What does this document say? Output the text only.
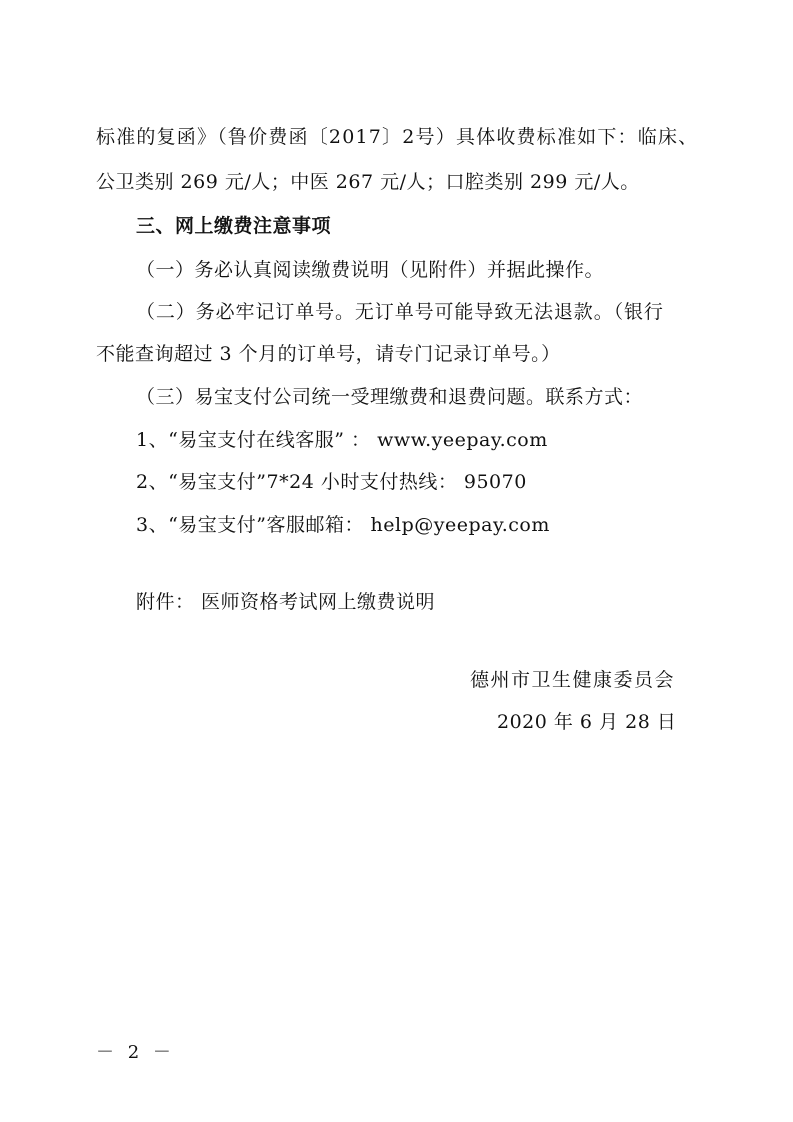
标准的复函》（鲁价费函〔2017〕2号）具体收费标准如下：临床、
公卫类别 269 元/人；中医 267 元/人；口腔类别 299 元/人。
三、网上缴费注意事项
（一）务必认真阅读缴费说明（见附件）并据此操作。
（二）务必牢记订单号。无订单号可能导致无法退款。（银行
不能查询超过 3 个月的订单号，请专门记录订单号。）
（三）易宝支付公司统一受理缴费和退费问题。联系方式：
1、“易宝支付在线客服” ： www.yeepay.com
2、“易宝支付”7*24 小时支付热线： 95070
3、“易宝支付”客服邮箱： help@yeepay.com
附件： 医师资格考试网上缴费说明
德州市卫生健康委员会
2020 年 6 月 28 日
－ 2 －
